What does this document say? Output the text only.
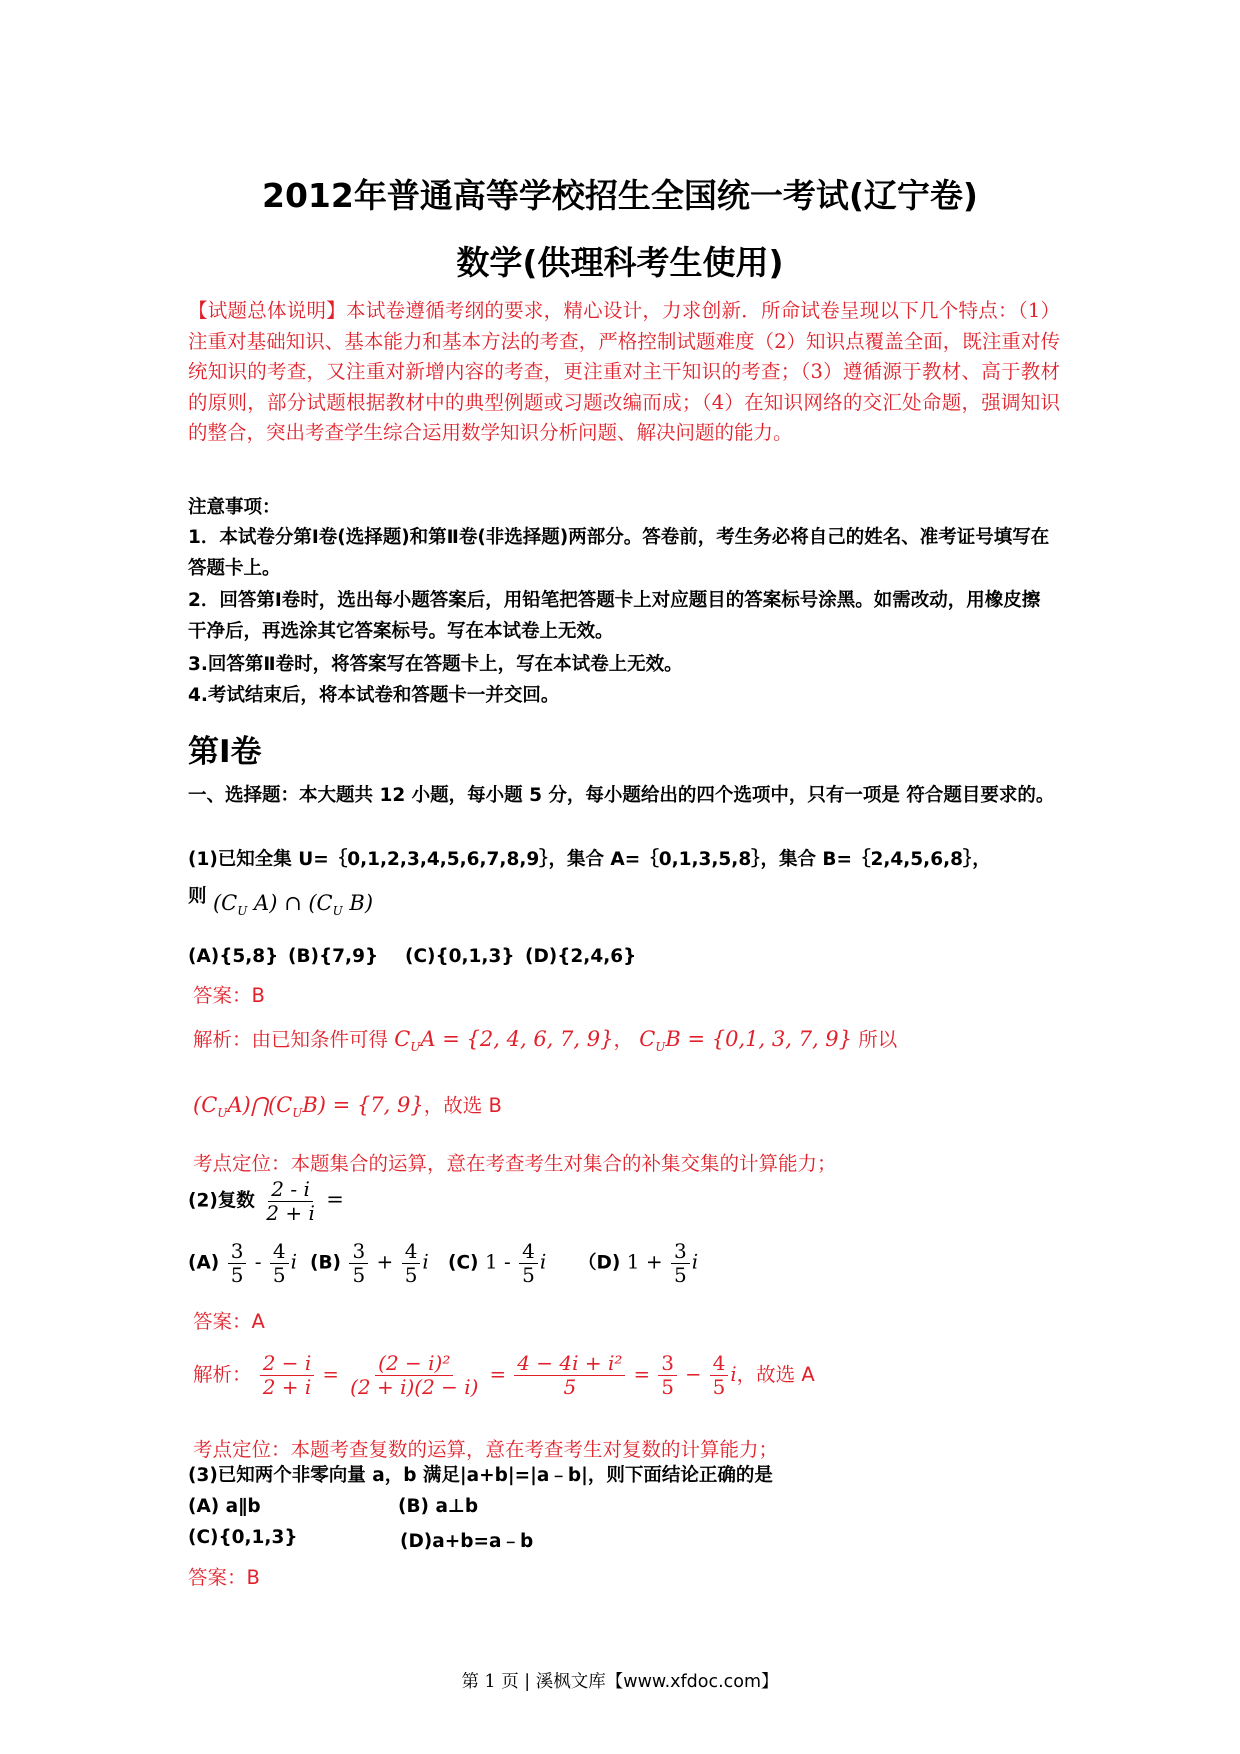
2012年普通高等学校招生全国统一考试(辽宁卷)
数学(供理科考生使用)
【试题总体说明】本试卷遵循考纲的要求，精心设计，力求创新．所命试卷呈现以下几个特点：（1）注重对基础知识、基本能力和基本方法的考查，严格控制试题难度（2）知识点覆盖全面，既注重对传统知识的考查，又注重对新增内容的考查，更注重对主干知识的考查；（3）遵循源于教材、高于教材的原则，部分试题根据教材中的典型例题或习题改编而成；（4）在知识网络的交汇处命题，强调知识的整合，突出考查学生综合运用数学知识分析问题、解决问题的能力。
注意事项：
1．本试卷分第Ⅰ卷(选择题)和第Ⅱ卷(非选择题)两部分。答卷前，考生务必将自己的姓名、准考证号填写在答题卡上。
2．回答第Ⅰ卷时，选出每小题答案后，用铅笔把答题卡上对应题目的答案标号涂黑。如需改动，用橡皮擦干净后，再选涂其它答案标号。写在本试卷上无效。
3.回答第Ⅱ卷时，将答案写在答题卡上，写在本试卷上无效。
4.考试结束后，将本试卷和答题卡一并交回。
第Ⅰ卷
一、选择题：本大题共 12 小题，每小题 5 分，每小题给出的四个选项中，只有一项是 符合题目要求的。
(1)已知全集 U=｛0,1,2,3,4,5,6,7,8,9｝，集合 A=｛0,1,3,5,8｝，集合 B=｛2,4,5,6,8｝，
则 ($C_U$ A) ∩ ($C_U$ B)
(A){5,8} (B){7,9} (C){0,1,3} (D){2,4,6}
答案：B
解析：由已知条件可得 $C_UA = \{2$, 4, 6, 7, 9}， $C_UB = \{0,1$, 3, 7, 9} 所以
$(C_UA)⋂(C_UB) = \{7$, 9}，故选 B
考点定位：本题集合的运算，意在考查考生对集合的补集交集的计算能力；
(2)复数 $\frac{2 - i}{2 + i}$ =
$(A) \frac{3}{5} - \frac{4}{5}$ i $(B) \frac{3}{5} + \frac{4}{5}$ i (C) $1 - \frac{4}{5}$ i （D) $1 + \frac{3}{5}$ i
答案：A
解析： $\frac{2 - i}{2 + i} = \frac{\text{(2 − i)²}}{(2 + i)(2 - i)} = \frac{\text{4 − 4i + i²}}{5} = \frac{3}{5} - \frac{4}{5}$ i，故选 A
考点定位：本题考查复数的运算，意在考查考生对复数的计算能力；
(3)已知两个非零向量 a，b 满足|a+b|=|a﹣b|，则下面结论正确的是
(A) a∥b	(B) a⊥b
(C){0,1,3}	(D)a+b=a﹣b
答案：B
第 1 页 | 溪枫文库【www.xfdoc.com】
